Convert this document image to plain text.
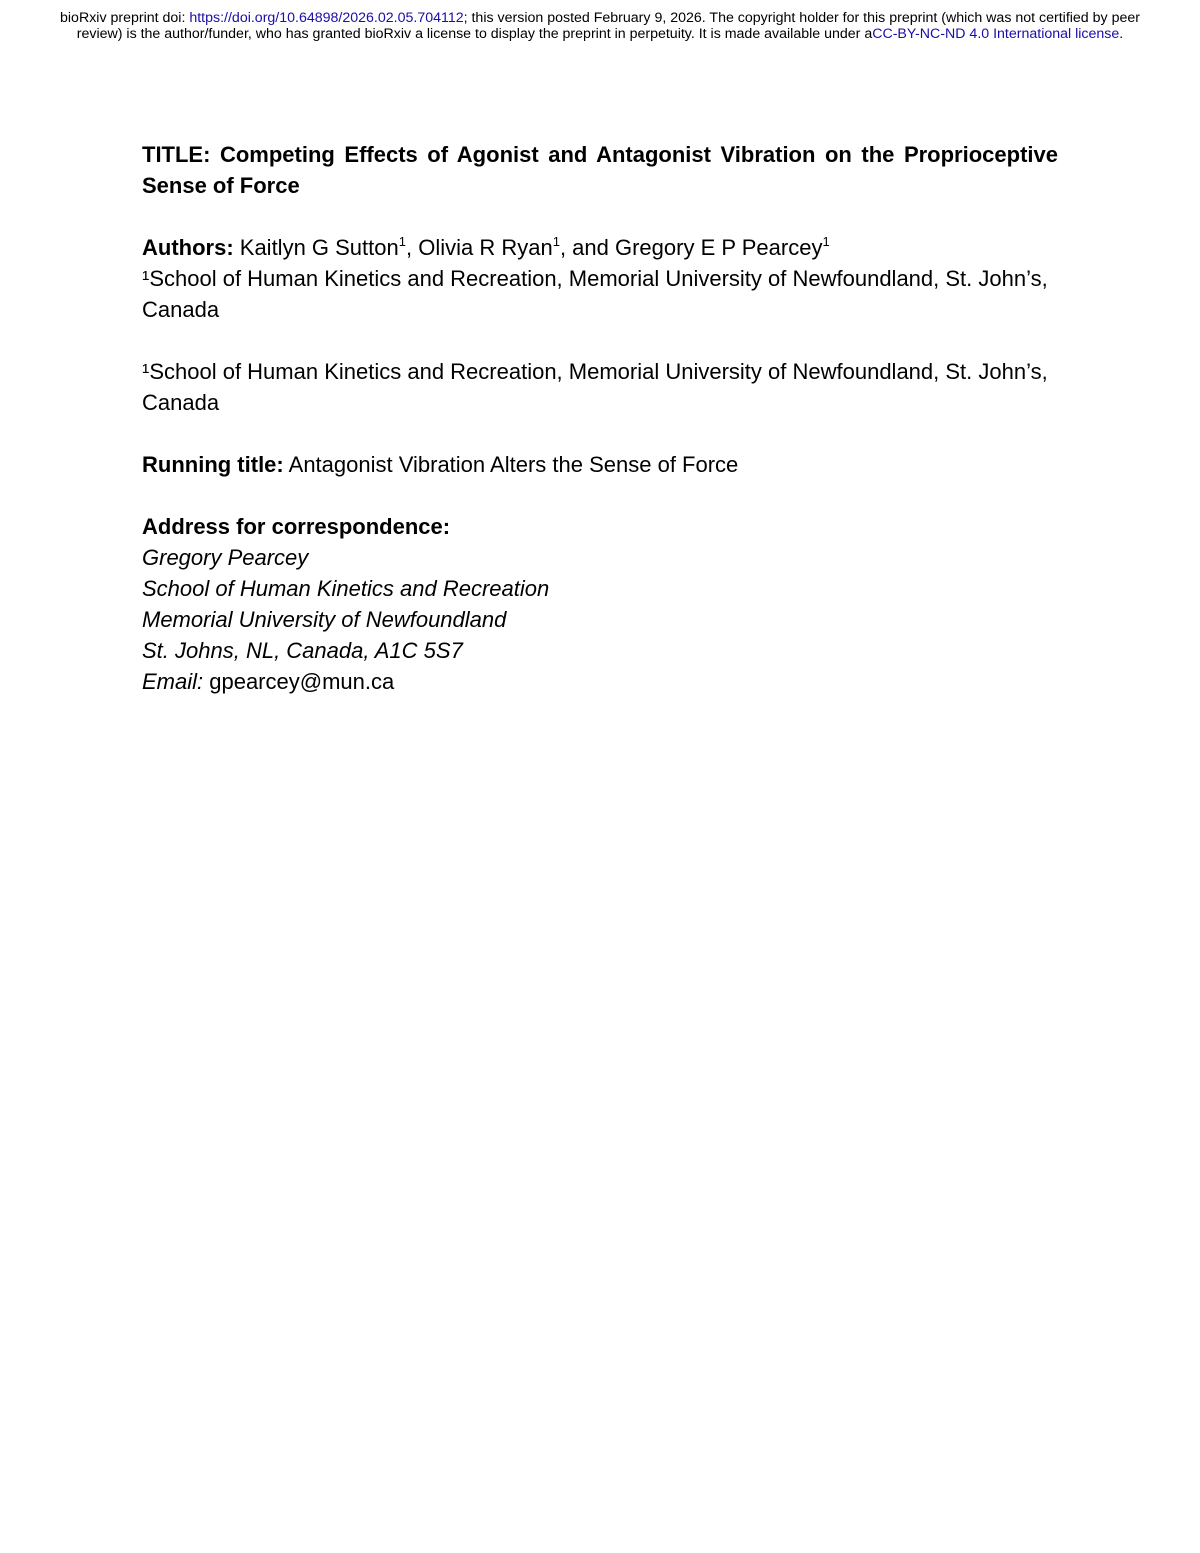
bioRxiv preprint doi: https://doi.org/10.64898/2026.02.05.704112; this version posted February 9, 2026. The copyright holder for this preprint (which was not certified by peer review) is the author/funder, who has granted bioRxiv a license to display the preprint in perpetuity. It is made available under aCC-BY-NC-ND 4.0 International license.

TITLE: Competing Effects of Agonist and Antagonist Vibration on the Proprioceptive Sense of Force

Authors: Kaitlyn G Sutton$^1$, Olivia R Ryan$^1$, and Gregory E P Pearcey$^1$

¹School of Human Kinetics and Recreation, Memorial University of Newfoundland, St. John’s, Canada

¹School of Human Kinetics and Recreation, Memorial University of Newfoundland, St. John’s, Canada

Running title: Antagonist Vibration Alters the Sense of Force

Address for correspondence:

Gregory Pearcey

School of Human Kinetics and Recreation

Memorial University of Newfoundland

St. Johns, NL, Canada, A1C 5S7

Email: gpearcey@mun.ca
